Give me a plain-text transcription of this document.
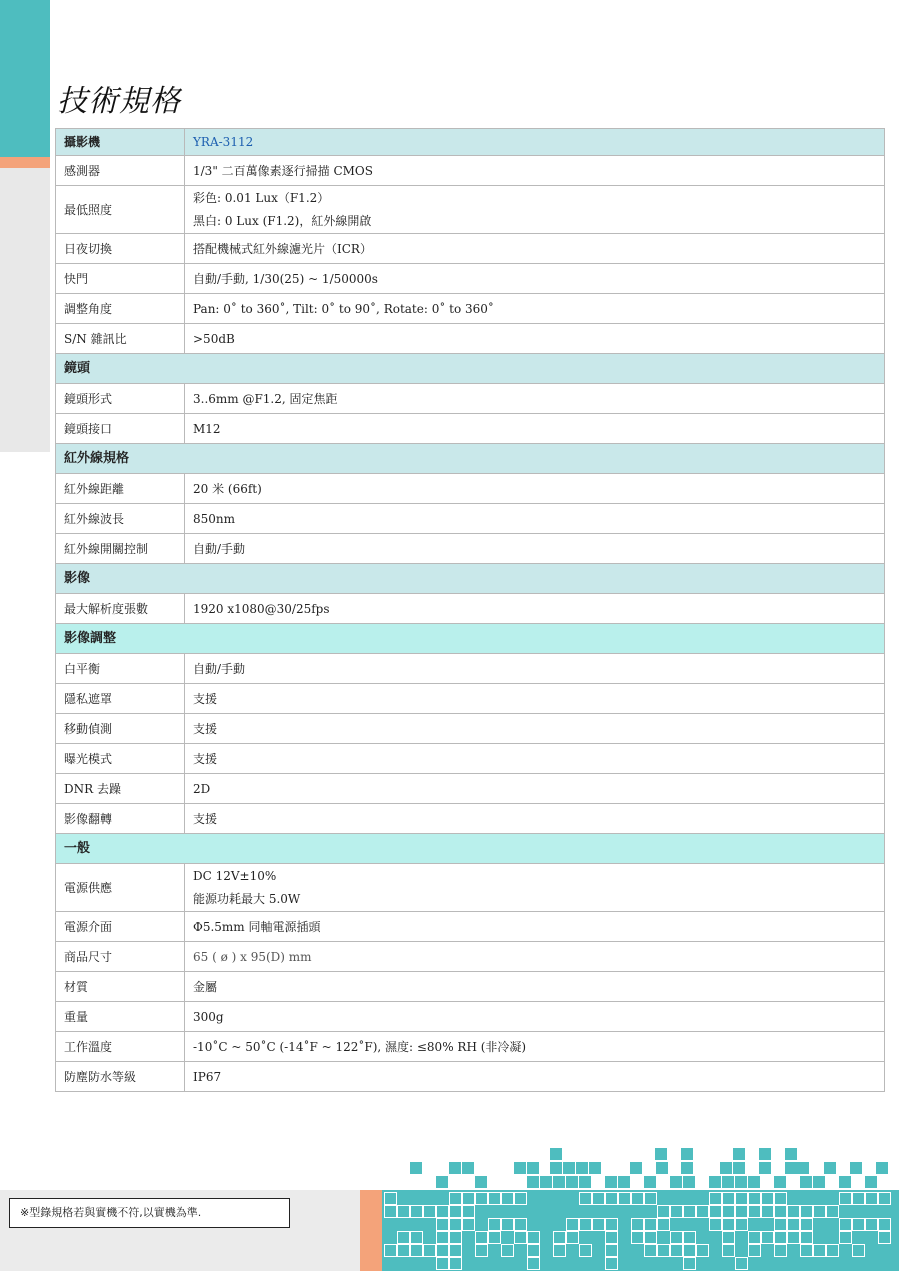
技術規格
攝影機	YRA-3112
感測器	1/3" 二百萬像素逐行掃描 CMOS
最低照度	彩色: 0.01 Lux（F1.2）
黑白: 0 Lux (F1.2)，紅外線開啟

日夜切換	搭配機械式紅外線濾光片（ICR）
快門	自動/手動, 1/30(25) ~ 1/50000s
調整角度	Pan: 0˚ to 360˚, Tilt: 0˚ to 90˚, Rotate: 0˚ to 360˚
S/N 雜訊比	>50dB
鏡頭	
鏡頭形式	3..6mm @F1.2, 固定焦距
鏡頭接口	M12
紅外線規格	
紅外線距離	20 米 (66ft)
紅外線波長	850nm
紅外線開關控制	自動/手動
影像	
最大解析度張數	1920 x1080@30/25fps
影像調整	
白平衡	自動/手動
隱私遮罩	支援
移動偵測	支援
曝光模式	支援
DNR 去躁	2D
影像翻轉	支援
一般	
電源供應	DC 12V±10%
能源功耗最大 5.0W

電源介面	Φ5.5mm 同軸電源插頭
商品尺寸	65 ( ø ) x 95(D) mm
材質	金屬
重量	300g
工作溫度	-10˚C ~ 50˚C (-14˚F ~ 122˚F), 濕度: ≤80% RH (非冷凝)
防塵防水等級	IP67
※型錄規格若與實機不符,以實機為準.
